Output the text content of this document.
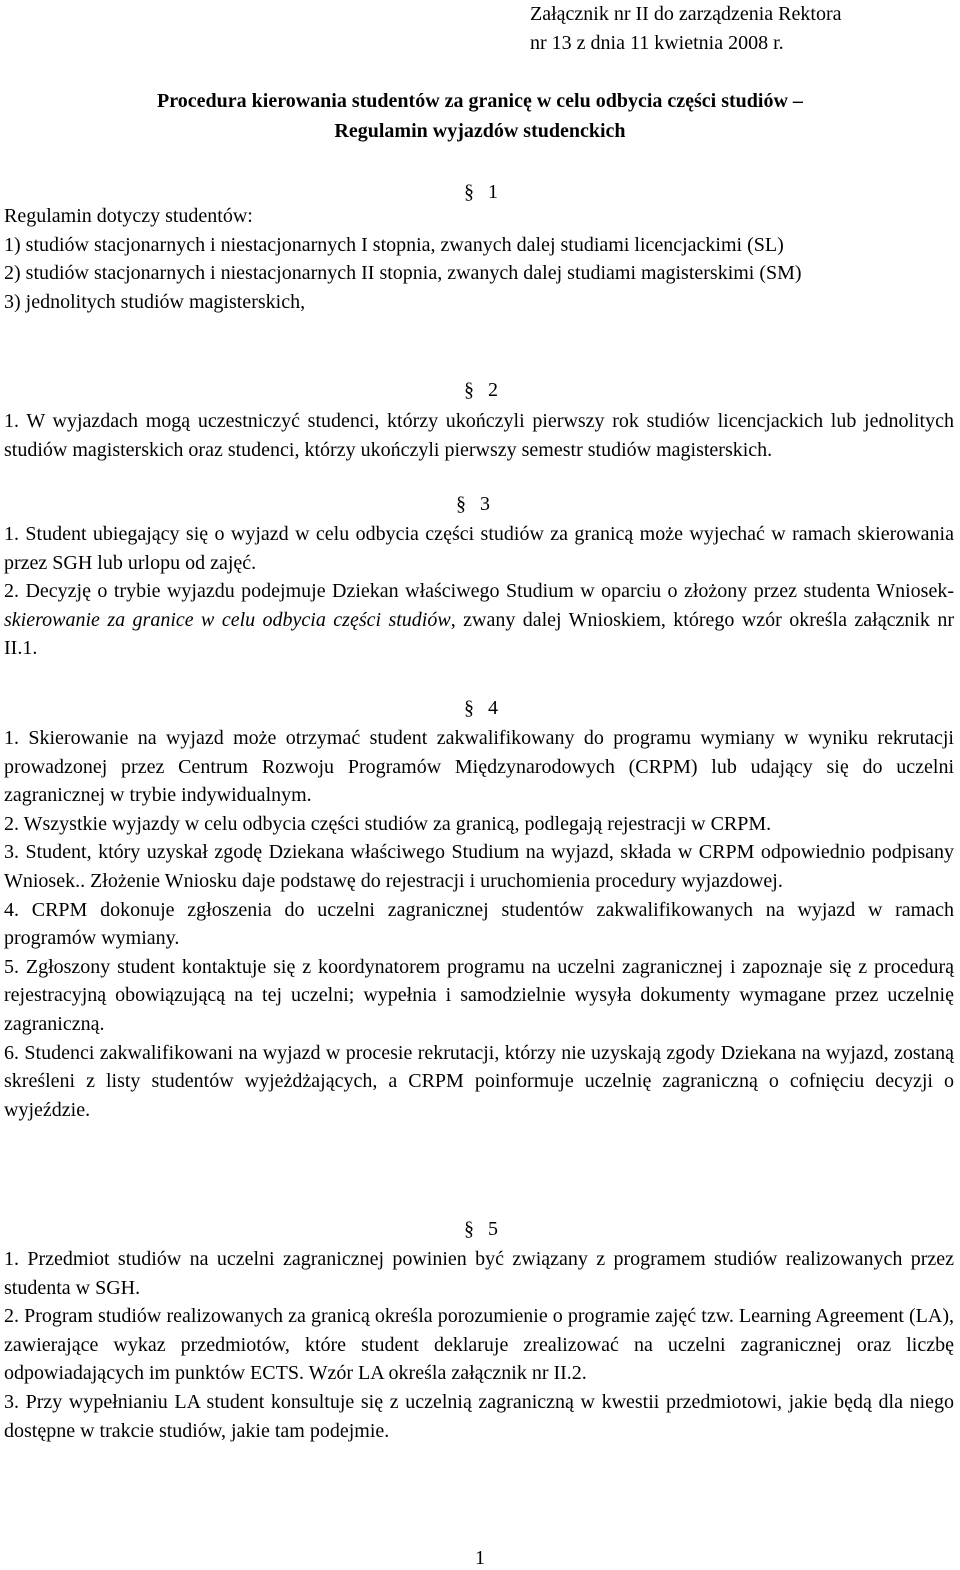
Załącznik nr II do zarządzenia Rektora
nr 13 z dnia 11 kwietnia 2008 r.
Procedura kierowania studentów za granicę w celu odbycia części studiów –
Regulamin wyjazdów studenckich
§ 1

Regulamin dotyczy studentów:

1) studiów stacjonarnych i niestacjonarnych I stopnia, zwanych dalej studiami licencjackimi (SL)

2) studiów stacjonarnych i niestacjonarnych II stopnia, zwanych dalej studiami magisterskimi (SM)

3) jednolitych studiów magisterskich,

§ 2

1. W wyjazdach mogą uczestniczyć studenci, którzy ukończyli pierwszy rok studiów licencjackich lub jednolitych studiów magisterskich oraz studenci, którzy ukończyli pierwszy semestr studiów magisterskich.

§ 3

1. Student ubiegający się o wyjazd w celu odbycia części studiów za granicą może wyjechać w ramach skierowania przez SGH lub urlopu od zajęć.

2. Decyzję o trybie wyjazdu podejmuje Dziekan właściwego Studium w oparciu o złożony przez studenta Wniosek-skierowanie za granice w celu odbycia części studiów, zwany dalej Wnioskiem, którego wzór określa załącznik nr II.1.

§ 4

1. Skierowanie na wyjazd może otrzymać student zakwalifikowany do programu wymiany w wyniku rekrutacji prowadzonej przez Centrum Rozwoju Programów Międzynarodowych (CRPM) lub udający się do uczelni zagranicznej w trybie indywidualnym.

2. Wszystkie wyjazdy w celu odbycia części studiów za granicą, podlegają rejestracji w CRPM.

3. Student, który uzyskał zgodę Dziekana właściwego Studium na wyjazd, składa w CRPM odpowiednio podpisany Wniosek.. Złożenie Wniosku daje podstawę do rejestracji i uruchomienia procedury wyjazdowej.

4. CRPM dokonuje zgłoszenia do uczelni zagranicznej studentów zakwalifikowanych na wyjazd w ramach programów wymiany.

5. Zgłoszony student kontaktuje się z koordynatorem programu na uczelni zagranicznej i zapoznaje się z procedurą rejestracyjną obowiązującą na tej uczelni; wypełnia i samodzielnie wysyła dokumenty wymagane przez uczelnię zagraniczną.

6. Studenci zakwalifikowani na wyjazd w procesie rekrutacji, którzy nie uzyskają zgody Dziekana na wyjazd, zostaną skreśleni z listy studentów wyjeżdżających, a CRPM poinformuje uczelnię zagraniczną o cofnięciu decyzji o wyjeździe.

§ 5

1. Przedmiot studiów na uczelni zagranicznej powinien być związany z programem studiów realizowanych przez studenta w SGH.

2. Program studiów realizowanych za granicą określa porozumienie o programie zajęć tzw. Learning Agreement (LA), zawierające wykaz przedmiotów, które student deklaruje zrealizować na uczelni zagranicznej oraz liczbę odpowiadających im punktów ECTS. Wzór LA określa załącznik nr II.2.

3. Przy wypełnianiu LA student konsultuje się z uczelnią zagraniczną w kwestii przedmiotowi, jakie będą dla niego dostępne w trakcie studiów, jakie tam podejmie.

1
